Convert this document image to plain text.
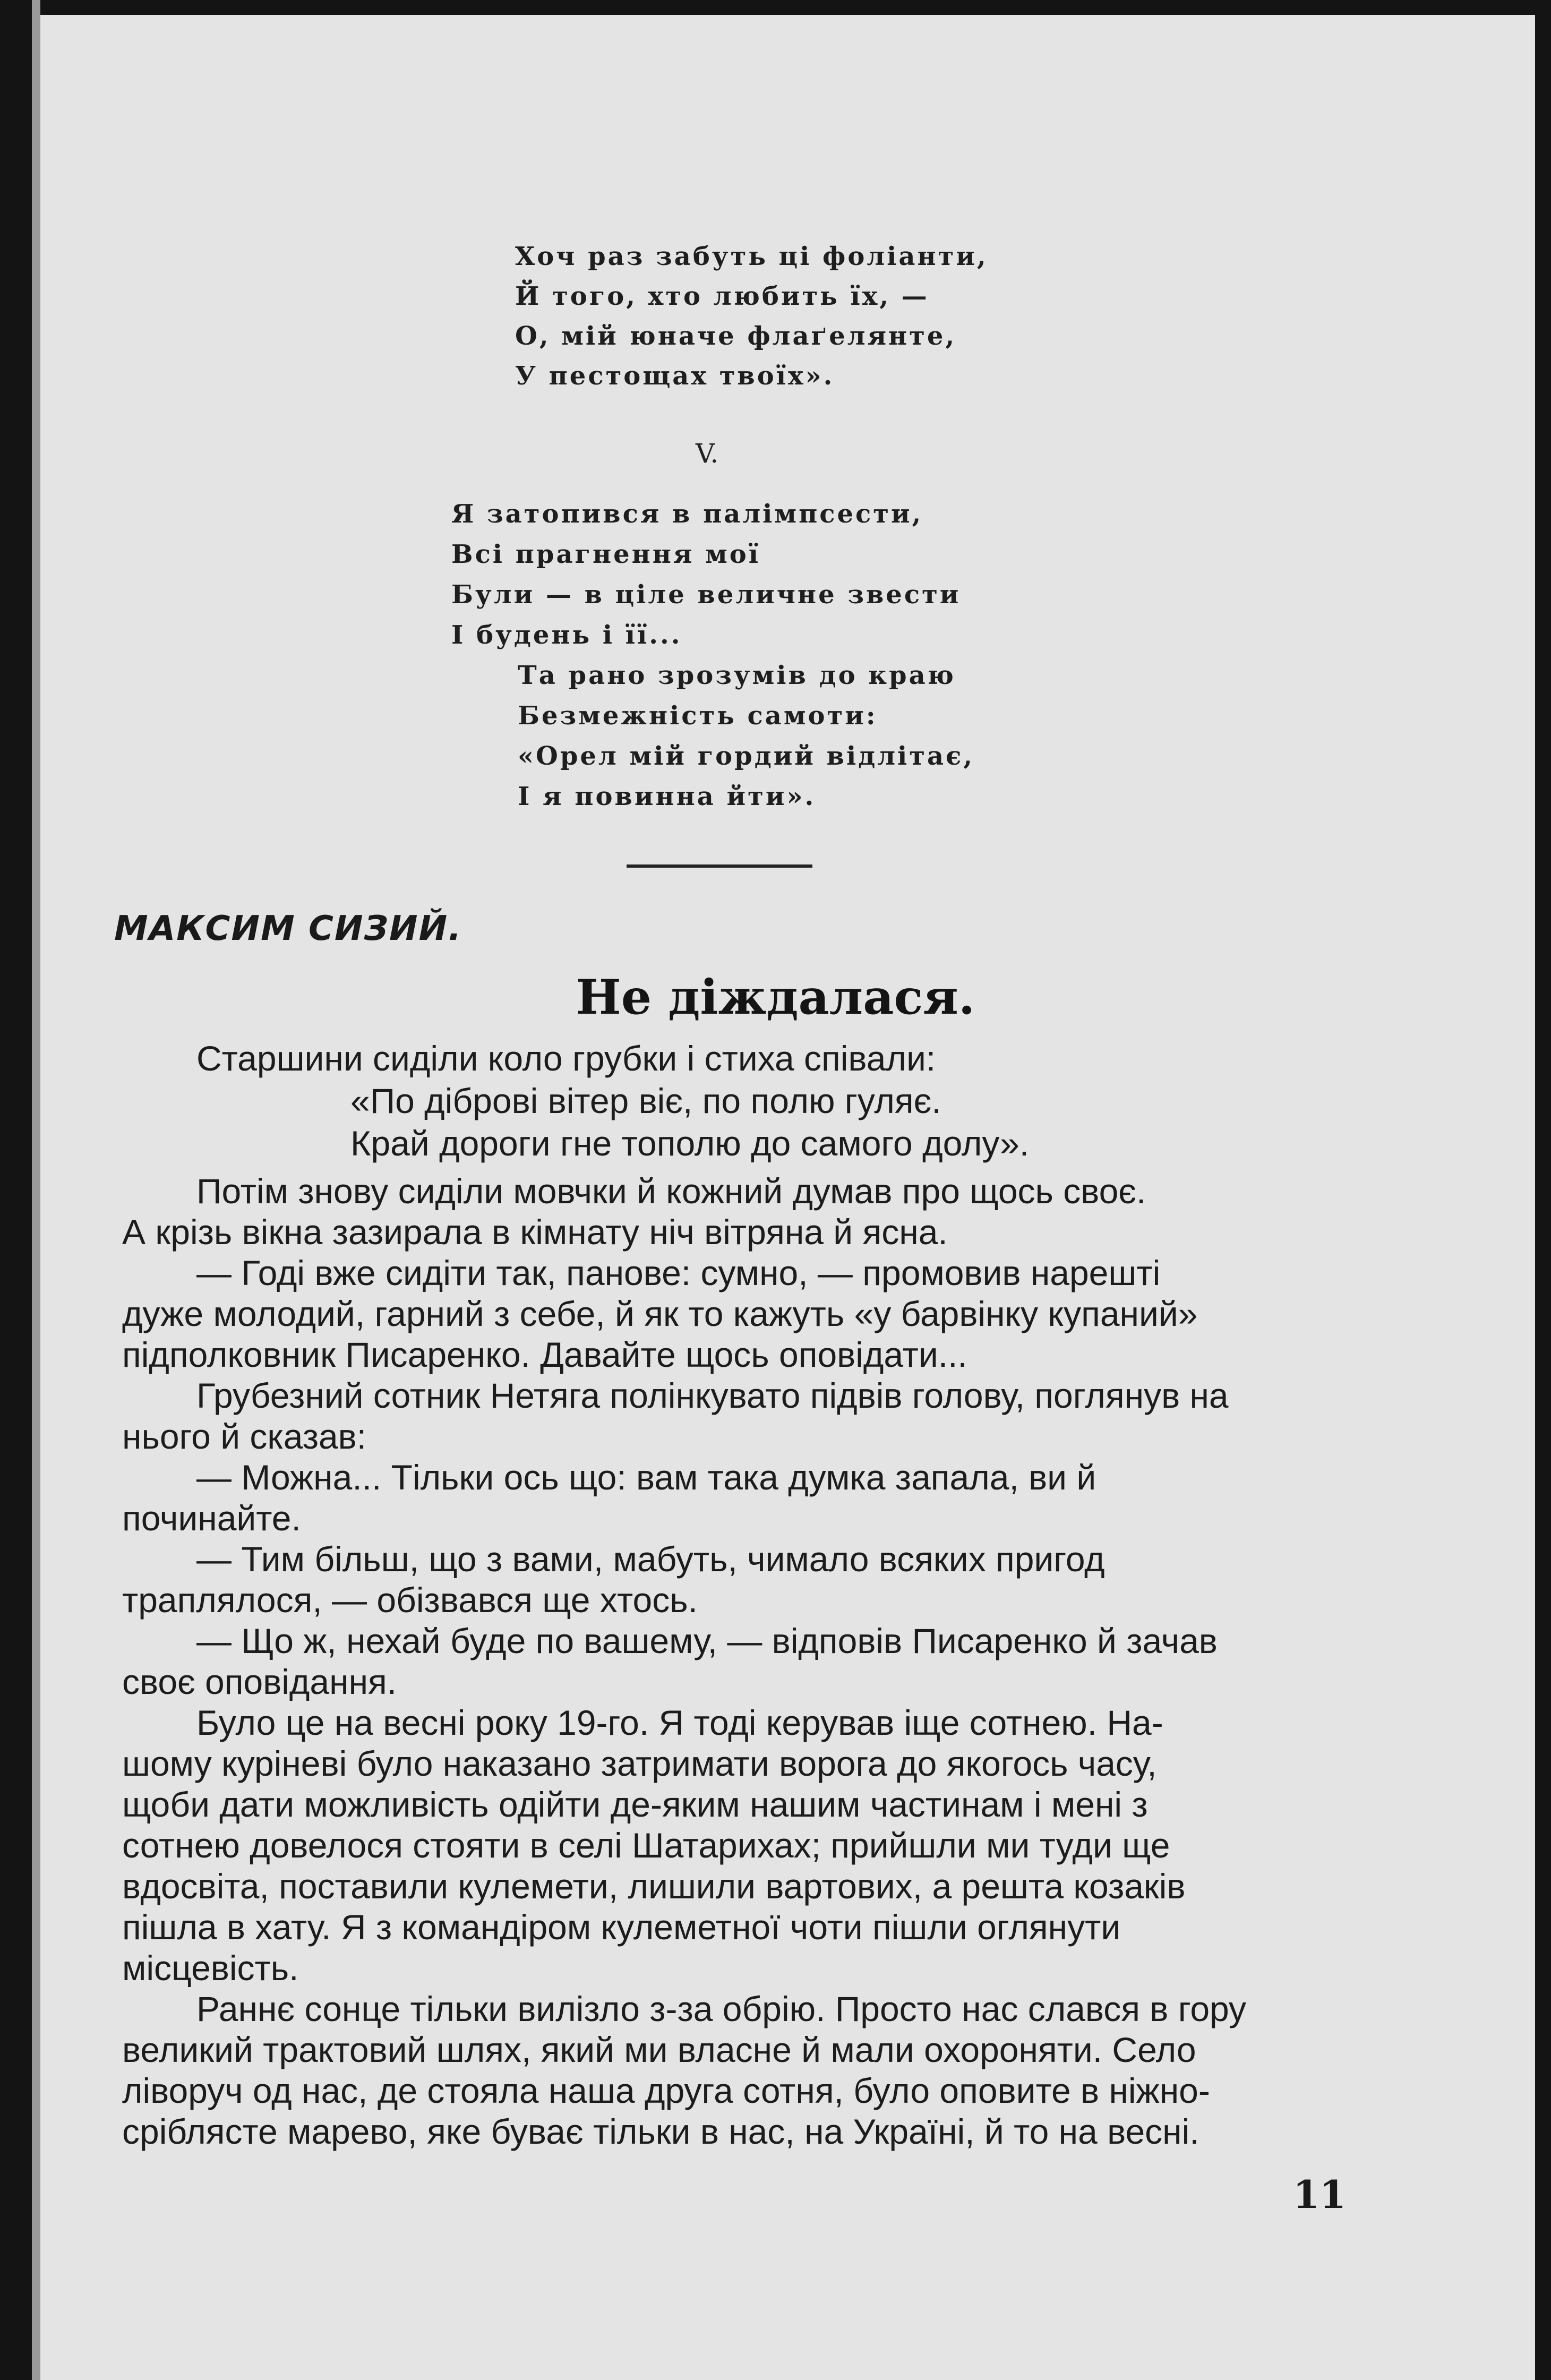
Хоч раз забуть ці фоліанти,
Й того, хто любить їх, —
О, мій юначе флаґелянте,
У пестощах твоїх».
V.
Я затопився в палімпсести,
Всі прагнення мої
Були — в ціле величне звести
І будень і її...
Та рано зрозумів до краю
Безмежність самоти:
«Орел мій гордий відлітає,
І я повинна йти».
МАКСИМ СИЗИЙ.
Не діждалася.
Старшини сиділи коло грубки і стиха співали:
«По діброві вітер віє, по полю гуляє.
Край дороги гне тополю до самого долу».
Потім знову сиділи мовчки й кожний думав про щось своє.
А крізь вікна зазирала в кімнату ніч вітряна й ясна.
— Годі вже сидіти так, панове: сумно, — промовив нарешті
дуже молодий, гарний з себе, й як то кажуть «у барвінку купаний»
підполковник Писаренко. Давайте щось оповідати...
Грубезний сотник Нетяга полінкувато підвів голову, поглянув на
нього й сказав:
— Можна... Тільки ось що: вам така думка запала, ви й
починайте.
— Тим більш, що з вами, мабуть, чимало всяких пригод
траплялося, — обізвався ще хтось.
— Що ж, нехай буде по вашему, — відповів Писаренко й зачав
своє оповідання.
Було це на весні року 19-го. Я тоді керував іще сотнею. На-
шому куріневі було наказано затримати ворога до якогось часу,
щоби дати можливість одійти де-яким нашим частинам і мені з
сотнею довелося стояти в селі Шатарихах; прийшли ми туди ще
вдосвіта, поставили кулемети, лишили вартових, а решта козаків
пішла в хату. Я з командіром кулеметної чоти пішли оглянути
місцевість.
Раннє сонце тільки вилізло з-за обрію. Просто нас слався в гору
великий трактовий шлях, який ми власне й мали охороняти. Село
ліворуч од нас, де стояла наша друга сотня, було оповите в ніжно-
сріблясте марево, яке буває тільки в нас, на Україні, й то на весні.
11
